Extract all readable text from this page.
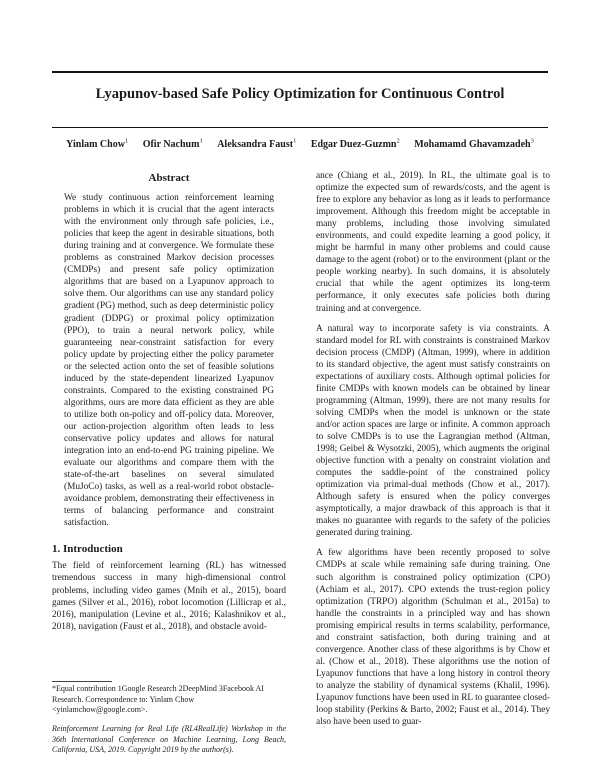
Lyapunov-based Safe Policy Optimization for Continuous Control
Yinlam Chow$^1$ Ofir Nachum$^1$ Aleksandra Faust$^1$ Edgar Duez-Guzmn$^2$ Mohamamd Ghavamzadeh$^3$
Abstract

We study continuous action reinforcement learning problems in which it is crucial that the agent interacts with the environment only through safe policies, i.e., policies that keep the agent in desirable situations, both during training and at convergence. We formulate these problems as constrained Markov decision processes (CMDPs) and present safe policy optimization algorithms that are based on a Lyapunov approach to solve them. Our algorithms can use any standard policy gradient (PG) method, such as deep deterministic policy gradient (DDPG) or proximal policy optimization (PPO), to train a neural network policy, while guaranteeing near-constraint satisfaction for every policy update by projecting either the policy parameter or the selected action onto the set of feasible solutions induced by the state-dependent linearized Lyapunov constraints. Compared to the existing constrained PG algorithms, ours are more data efficient as they are able to utilize both on-policy and off-policy data. Moreover, our action-projection algorithm often leads to less conservative policy updates and allows for natural integration into an end-to-end PG training pipeline. We evaluate our algorithms and compare them with the state-of-the-art baselines on several simulated (MuJoCo) tasks, as well as a real-world robot obstacle-avoidance problem, demonstrating their effectiveness in terms of balancing performance and constraint satisfaction.

1. Introduction

The field of reinforcement learning (RL) has witnessed tremendous success in many high-dimensional control problems, including video games (Mnih et al., 2015), board games (Silver et al., 2016), robot locomotion (Lillicrap et al., 2016), manipulation (Levine et al., 2016; Kalashnikov et al., 2018), navigation (Faust et al., 2018), and obstacle avoid-

*Equal contribution 1Google Research 2DeepMind 3Facebook AI Research. Correspondence to: Yinlam Chow <yinlamchow@google.com>.
Reinforcement Learning for Real Life (RL4RealLife) Workshop in the 36th International Conference on Machine Learning, Long Beach, California, USA, 2019. Copyright 2019 by the author(s).

ance (Chiang et al., 2019). In RL, the ultimate goal is to optimize the expected sum of rewards/costs, and the agent is free to explore any behavior as long as it leads to performance improvement. Although this freedom might be acceptable in many problems, including those involving simulated environments, and could expedite learning a good policy, it might be harmful in many other problems and could cause damage to the agent (robot) or to the environment (plant or the people working nearby). In such domains, it is absolutely crucial that while the agent optimizes its long-term performance, it only executes safe policies both during training and at convergence.

A natural way to incorporate safety is via constraints. A standard model for RL with constraints is constrained Markov decision process (CMDP) (Altman, 1999), where in addition to its standard objective, the agent must satisfy constraints on expectations of auxiliary costs. Although optimal policies for finite CMDPs with known models can be obtained by linear programming (Altman, 1999), there are not many results for solving CMDPs when the model is unknown or the state and/or action spaces are large or infinite. A common approach to solve CMDPs is to use the Lagrangian method (Altman, 1998; Geibel & Wysotzki, 2005), which augments the original objective function with a penalty on constraint violation and computes the saddle-point of the constrained policy optimization via primal-dual methods (Chow et al., 2017). Although safety is ensured when the policy converges asymptotically, a major drawback of this approach is that it makes no guarantee with regards to the safety of the policies generated during training.

A few algorithms have been recently proposed to solve CMDPs at scale while remaining safe during training. One such algorithm is constrained policy optimization (CPO) (Achiam et al., 2017). CPO extends the trust-region policy optimization (TRPO) algorithm (Schulman et al., 2015a) to handle the constraints in a principled way and has shown promising empirical results in terms scalability, performance, and constraint satisfaction, both during training and at convergence. Another class of these algorithms is by Chow et al. (Chow et al., 2018). These algorithms use the notion of Lyapunov functions that have a long history in control theory to analyze the stability of dynamical systems (Khalil, 1996). Lyapunov functions have been used in RL to guarantee closed-loop stability (Perkins & Barto, 2002; Faust et al., 2014). They also have been used to guar-
